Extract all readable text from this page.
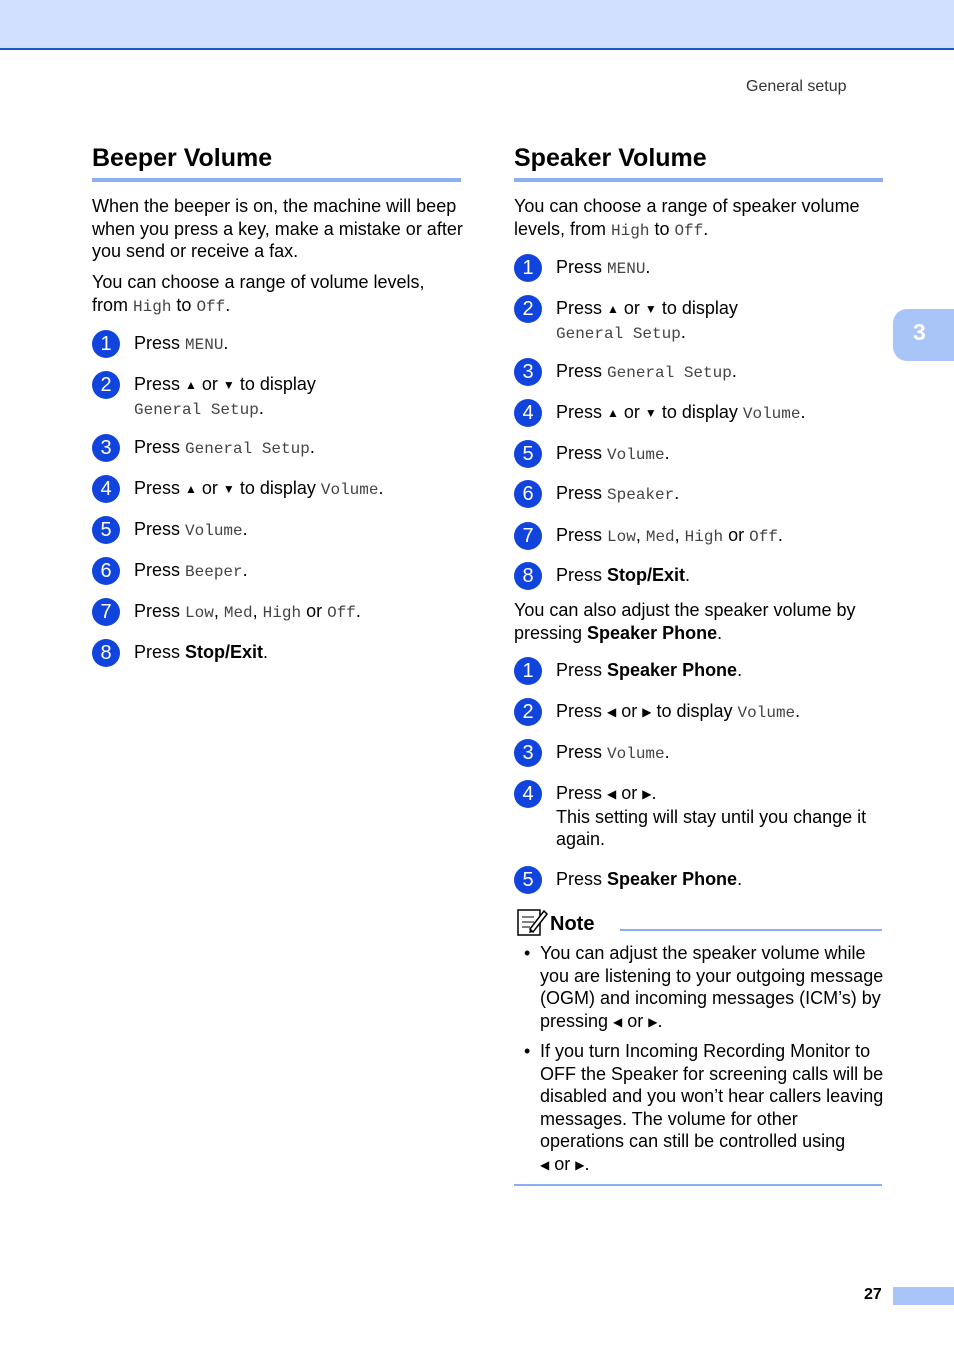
General setup
3
Beeper Volume

When the beeper is on, the machine will beep when you press a key, make a mistake or after you send or receive a fax.

You can choose a range of volume levels, from High to Off.

1	Press MENU.
2	Press ▲ or ▼ to display
General Setup.
3	Press General Setup.
4	Press ▲ or ▼ to display Volume.
5	Press Volume.
6	Press Beeper.
7	Press Low, Med, High or Off.
8	Press Stop/Exit.
Speaker Volume

You can choose a range of speaker volume levels, from High to Off.

1	Press MENU.
2	Press ▲ or ▼ to display
General Setup.
3	Press General Setup.
4	Press ▲ or ▼ to display Volume.
5	Press Volume.
6	Press Speaker.
7	Press Low, Med, High or Off.
8	Press Stop/Exit.

You can also adjust the speaker volume by pressing Speaker Phone.

1	Press Speaker Phone.
2	Press ◀ or ▶ to display Volume.
3	Press Volume.
4	Press ◀ or ▶.
This setting will stay until you change it again.
5	Press Speaker Phone.
Note
• You can adjust the speaker volume while you are listening to your outgoing message (OGM) and incoming messages (ICM’s) by pressing ◀ or ▶.

• If you turn Incoming Recording Monitor to OFF the Speaker for screening calls will be disabled and you won’t hear callers leaving messages. The volume for other operations can still be controlled using
◀ or ▶.

27
